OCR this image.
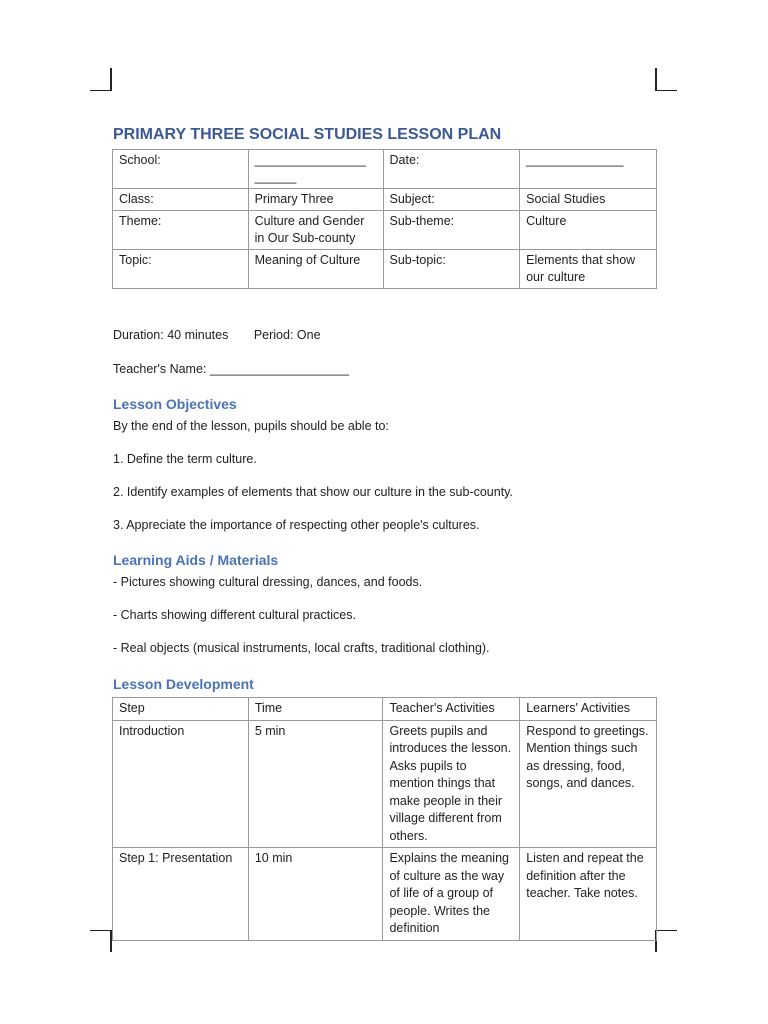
PRIMARY THREE SOCIAL STUDIES LESSON PLAN
School:	________________ ______	Date:	______________
Class:	Primary Three	Subject:	Social Studies
Theme:	Culture and Gender in Our Sub-county	Sub-theme:	Culture
Topic:	Meaning of Culture	Sub-topic:	Elements that show our culture
Duration: 40 minutes Period: One
Teacher's Name: ____________________
Lesson Objectives
By the end of the lesson, pupils should be able to:
1. Define the term culture.
2. Identify examples of elements that show our culture in the sub-county.
3. Appreciate the importance of respecting other people's cultures.
Learning Aids / Materials
- Pictures showing cultural dressing, dances, and foods.
- Charts showing different cultural practices.
- Real objects (musical instruments, local crafts, traditional clothing).
Lesson Development
Step	Time	Teacher's Activities	Learners' Activities
Introduction	5 min	Greets pupils and introduces the lesson. Asks pupils to mention things that make people in their village different from others.	Respond to greetings. Mention things such as dressing, food, songs, and dances.
Step 1: Presentation	10 min	Explains the meaning of culture as the way of life of a group of people. Writes the definition	Listen and repeat the definition after the teacher. Take notes.
